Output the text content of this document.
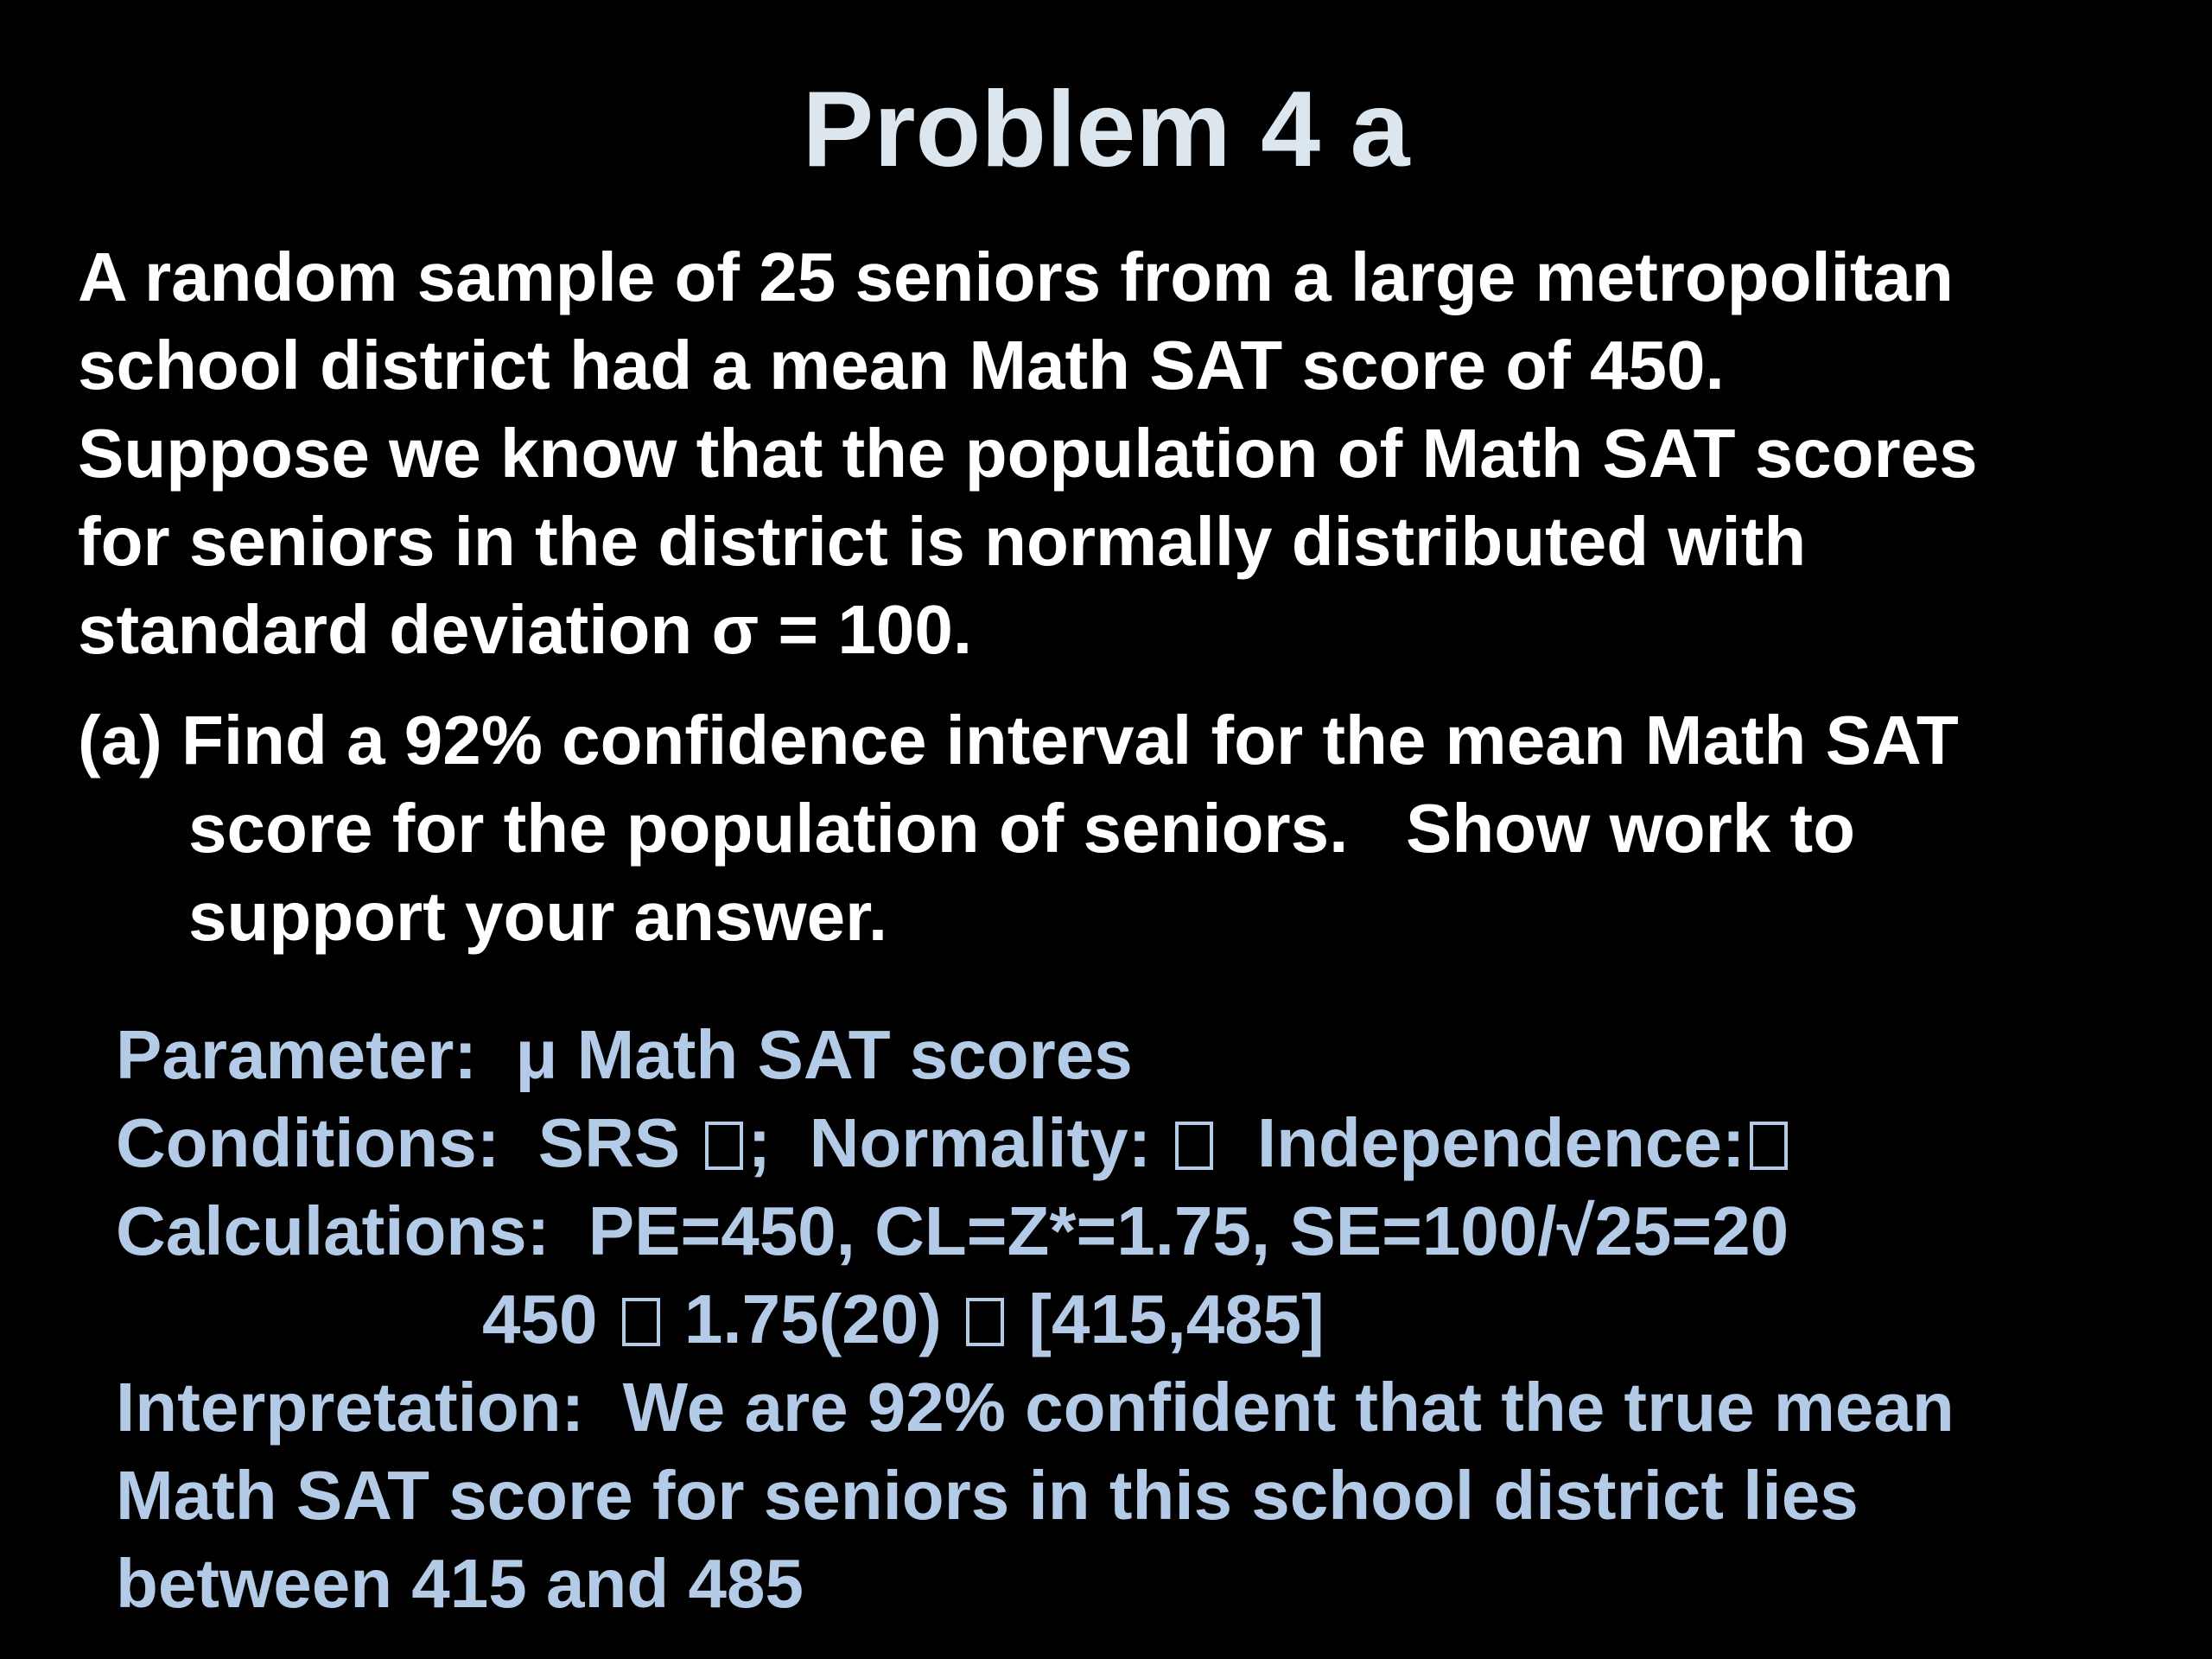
Problem 4 a
A random sample of 25 seniors from a large metropolitan
school district had a mean Math SAT score of 450.
Suppose we know that the population of Math SAT scores
for seniors in the district is normally distributed with
standard deviation σ = 100.
(a) Find a 92% confidence interval for the mean Math SAT
score for the population of seniors.   Show work to
support your answer.
Parameter:  μ Math SAT scores
Conditions:  SRS ;  Normality:   Independence:
Calculations:  PE=450, CL=Z*=1.75, SE=100/√25=20
450  1.75(20)  [415,485]
Interpretation:  We are 92% confident that the true mean
Math SAT score for seniors in this school district lies
between 415 and 485
